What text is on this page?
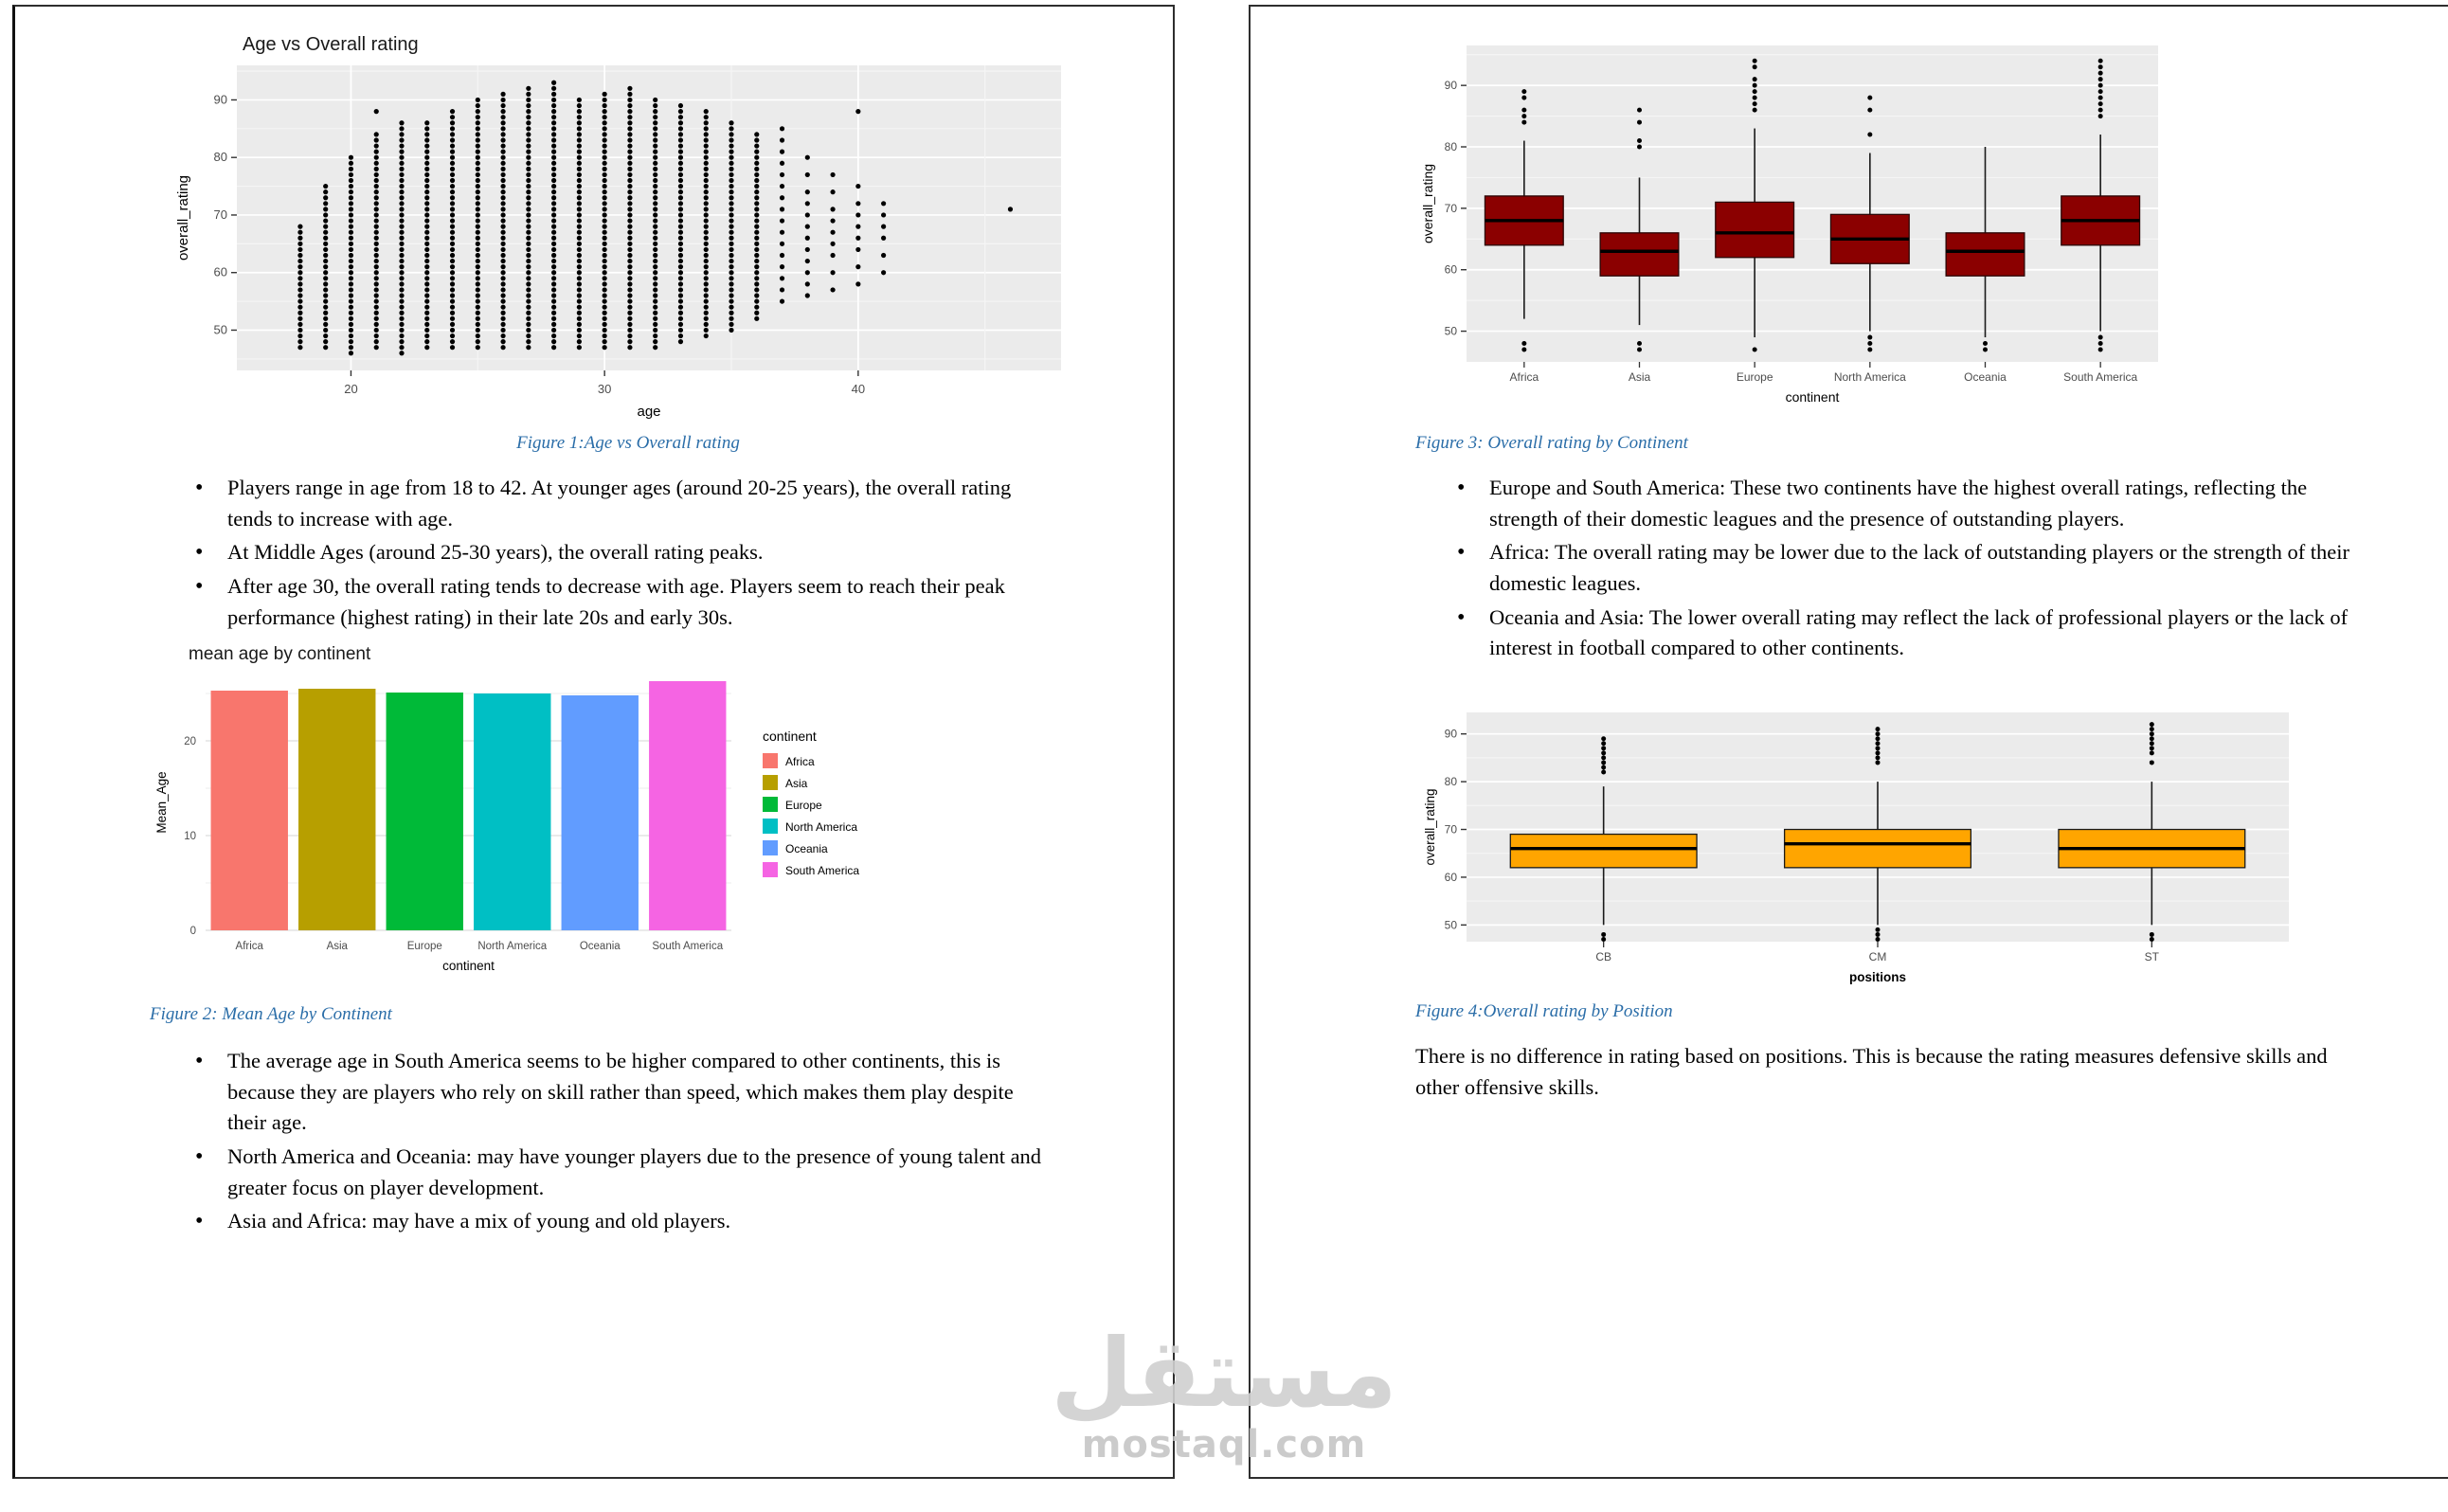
50
60
70
80
90
20	30	40
age
overall_rating
Age vs Overall rating

Figure 1:Age vs Overall rating

• Players range in age from 18 to 42. At younger ages (around 20-25 years), the overall rating tends to increase with age.
• At Middle Ages (around 25-30 years), the overall rating peaks.
• After age 30, the overall rating tends to decrease with age. Players seem to reach their peak performance (highest rating) in their late 20s and early 30s.
0
10
20
Africa	Asia	Europe	North America	Oceania	South America
continent
Mean_Age
mean age by continent
continent
Africa
Asia
Europe
North America
Oceania
South America

Figure 2: Mean Age by Continent

• The average age in South America seems to be higher compared to other continents, this is because they are players who rely on skill rather than speed, which makes them play despite their age.
• North America and Oceania: may have younger players due to the presence of young talent and greater focus on player development.
• Asia and Africa: may have a mix of young and old players.
50
60
70
80
90
Africa	Asia	Europe	North America	Oceania	South America
continent
overall_rating

Figure 3: Overall rating by Continent

• Europe and South America: These two continents have the highest overall ratings, reflecting the strength of their domestic leagues and the presence of outstanding players.
• Africa: The overall rating may be lower due to the lack of outstanding players or the strength of their domestic leagues.
• Oceania and Asia: The lower overall rating may reflect the lack of professional players or the lack of interest in football compared to other continents.
50
60
70
80
90
CB	CM	ST
positions
overall_rating

Figure 4:Overall rating by Position

There is no difference in rating based on positions. This is because the rating measures defensive skills and other offensive skills.

مستقل
mostaql.com
